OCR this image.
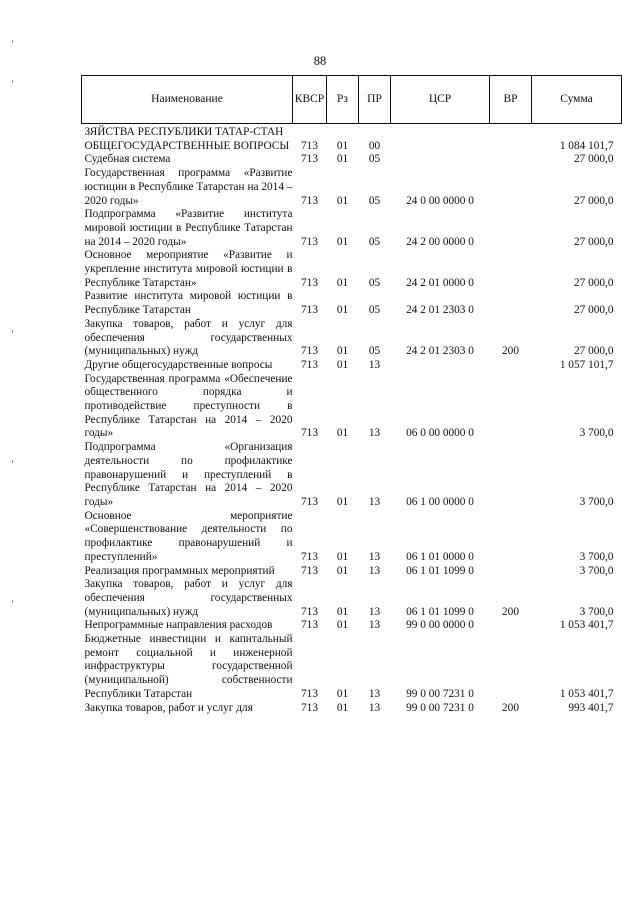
88
Наименование	КВСР	Рз	ПР	ЦСР	ВР	Сумма
ЗЯЙСТВА РЕСПУБЛИКИ ТАТАР-СТАН						
ОБЩЕГОСУДАРСТВЕННЫЕ ВОПРОСЫ	713	01	00			1 084 101,7
Судебная система	713	01	05			27 000,0
Государственная программа «Развитие юстиции в Республике Татарстан на 2014 – 2020 годы»	713	01	05	24 0 00 0000 0		27 000,0
Подпрограмма «Развитие института мировой юстиции в Республике Татарстан на 2014 – 2020 годы»	713	01	05	24 2 00 0000 0		27 000,0
Основное мероприятие «Развитие и укрепление института мировой юстиции в Республике Татарстан»	713	01	05	24 2 01 0000 0		27 000,0
Развитие института мировой юстиции в Республике Татарстан	713	01	05	24 2 01 2303 0		27 000,0
Закупка товаров, работ и услуг для обеспечения государственных (муниципальных) нужд	713	01	05	24 2 01 2303 0	200	27 000,0
Другие общегосударственные вопросы	713	01	13			1 057 101,7
Государственная программа «Обеспечение общественного порядка и противодействие преступности в Республике Татарстан на 2014 – 2020 годы»	713	01	13	06 0 00 0000 0		3 700,0
Подпрограмма «Организация деятельности по профилактике правонарушений и преступлений в Республике Татарстан на 2014 – 2020 годы»	713	01	13	06 1 00 0000 0		3 700,0
Основное мероприятие «Совершенствование деятельности по профилактике правонарушений и преступлений»	713	01	13	06 1 01 0000 0		3 700,0
Реализация программных мероприятий	713	01	13	06 1 01 1099 0		3 700,0
Закупка товаров, работ и услуг для обеспечения государственных (муниципальных) нужд	713	01	13	06 1 01 1099 0	200	3 700,0
Непрограммные направления расходов	713	01	13	99 0 00 0000 0		1 053 401,7
Бюджетные инвестиции и капитальный ремонт социальной и инженерной инфраструктуры государственной (муниципальной) собственности Республики Татарстан	713	01	13	99 0 00 7231 0		1 053 401,7
Закупка товаров, работ и услуг для	713	01	13	99 0 00 7231 0	200	993 401,7
